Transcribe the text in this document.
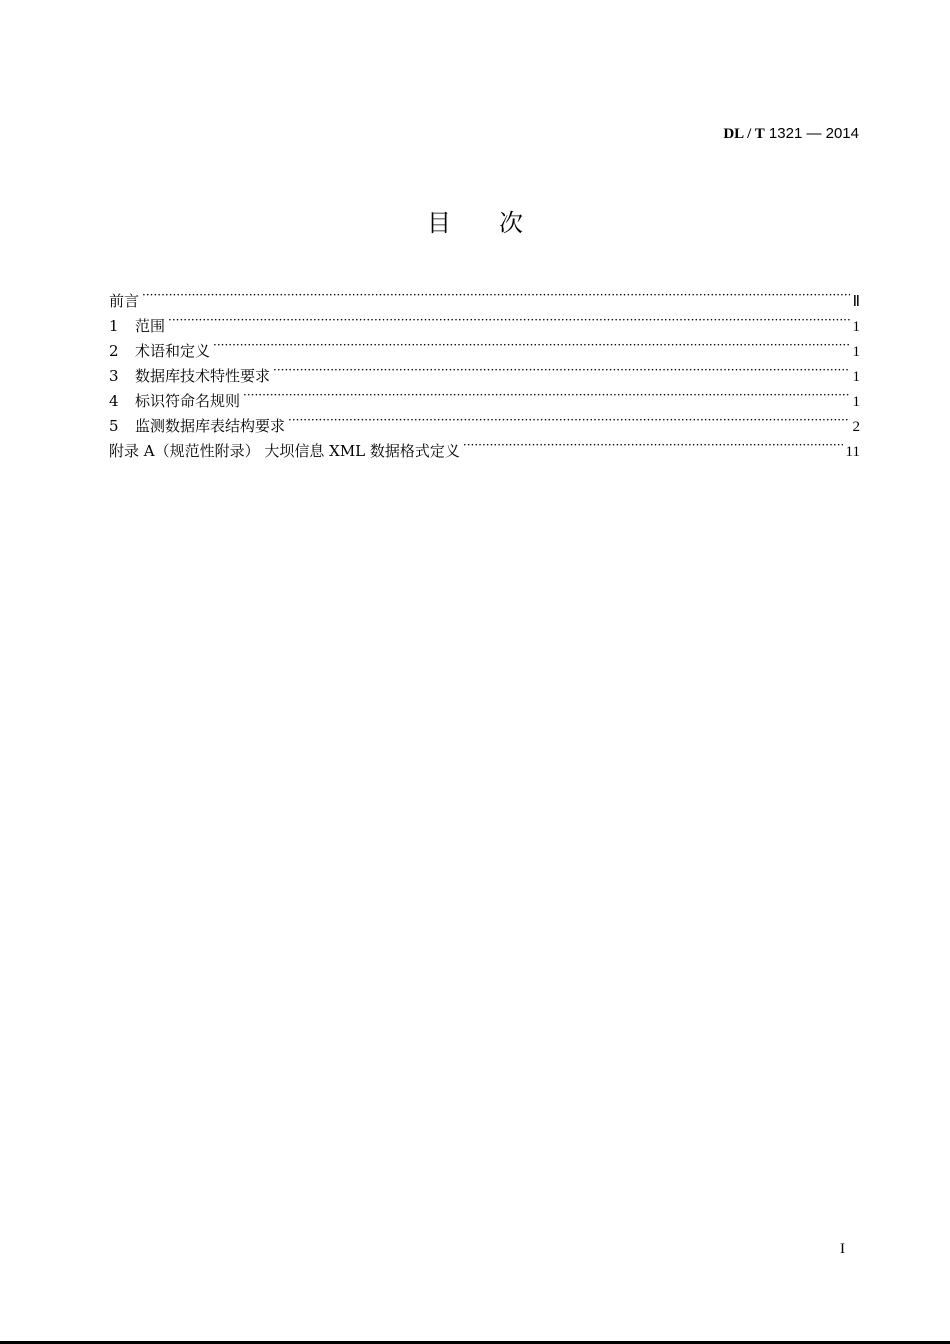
DL / T 1321 — 2014
目 次
前言 ·····	Ⅱ
1	范围 ·····	1
2	术语和定义 ·····	1
3	数据库技术特性要求 ·····	1
4	标识符命名规则 ·····	1
5	监测数据库表结构要求 ·····	2
附录 A（规范性附录） 大坝信息 XML 数据格式定义 ·····	11
I
